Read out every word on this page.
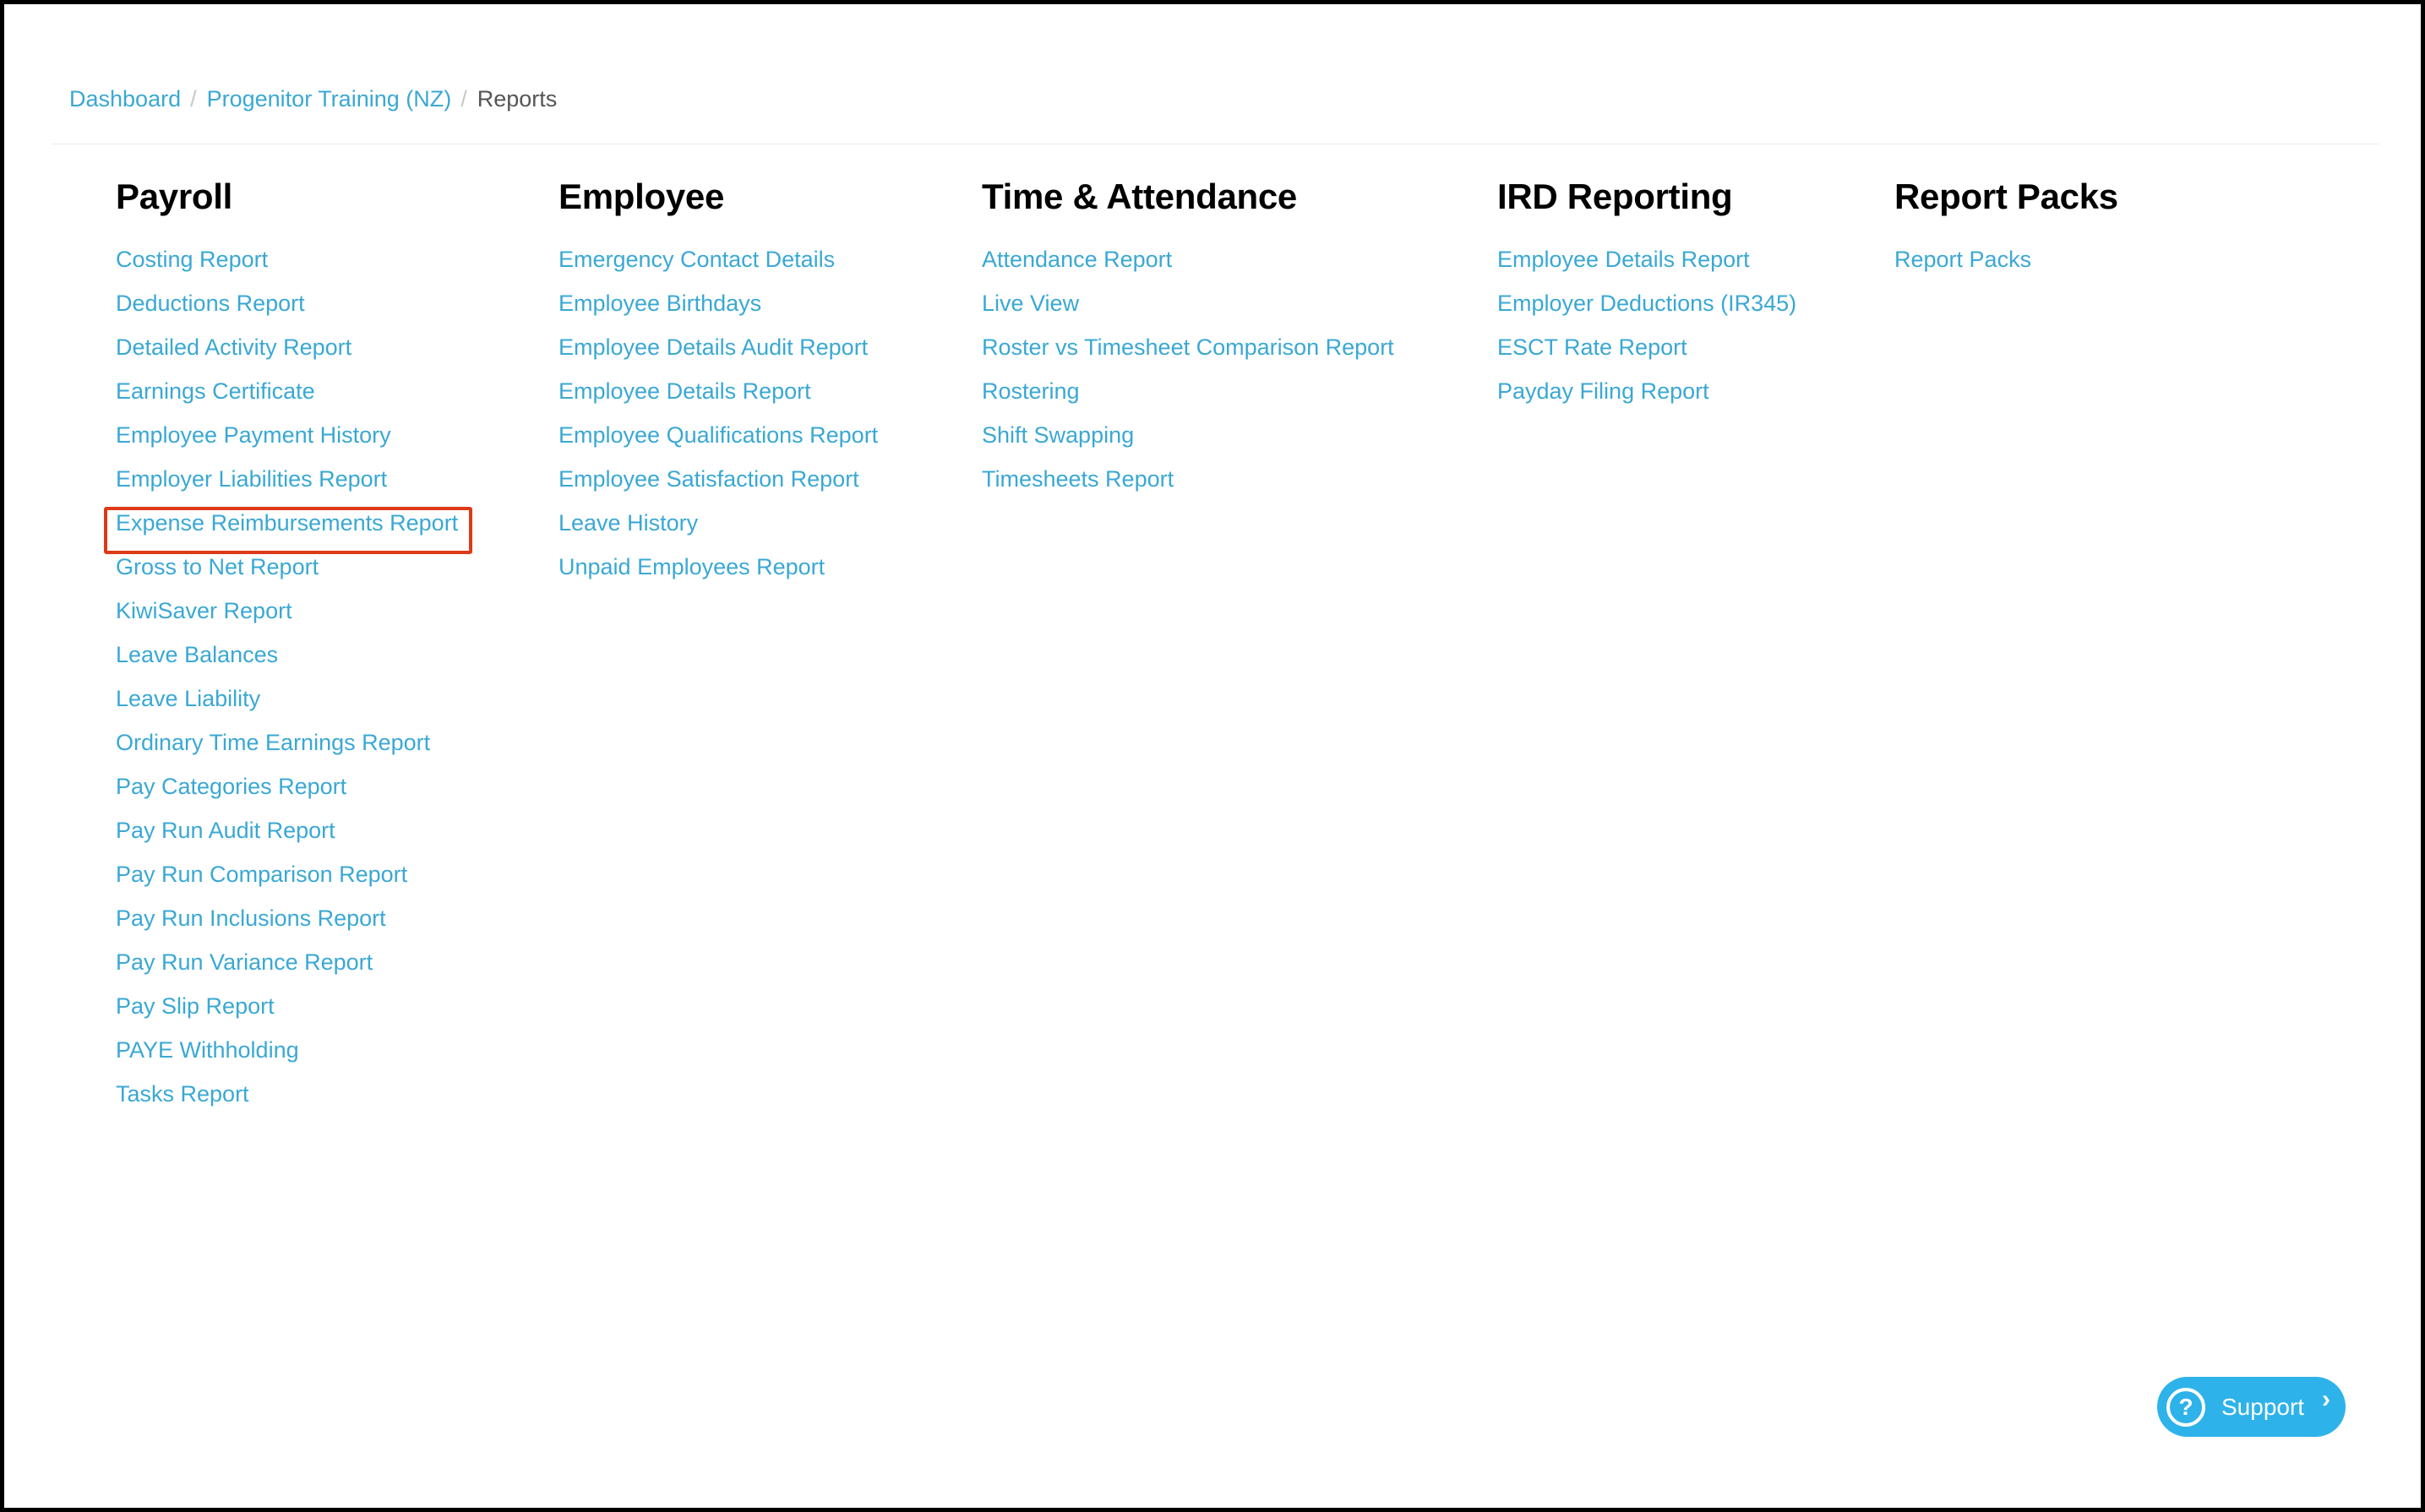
Dashboard / Progenitor Training (NZ) / Reports
Payroll
Costing Report
Deductions Report
Detailed Activity Report
Earnings Certificate
Employee Payment History
Employer Liabilities Report
Expense Reimbursements Report
Gross to Net Report
KiwiSaver Report
Leave Balances
Leave Liability
Ordinary Time Earnings Report
Pay Categories Report
Pay Run Audit Report
Pay Run Comparison Report
Pay Run Inclusions Report
Pay Run Variance Report
Pay Slip Report
PAYE Withholding
Tasks Report
Employee
Emergency Contact Details
Employee Birthdays
Employee Details Audit Report
Employee Details Report
Employee Qualifications Report
Employee Satisfaction Report
Leave History
Unpaid Employees Report
Time & Attendance
Attendance Report
Live View
Roster vs Timesheet Comparison Report
Rostering
Shift Swapping
Timesheets Report
IRD Reporting
Employee Details Report
Employer Deductions (IR345)
ESCT Rate Report
Payday Filing Report
Report Packs
Report Packs
?	Support ›
